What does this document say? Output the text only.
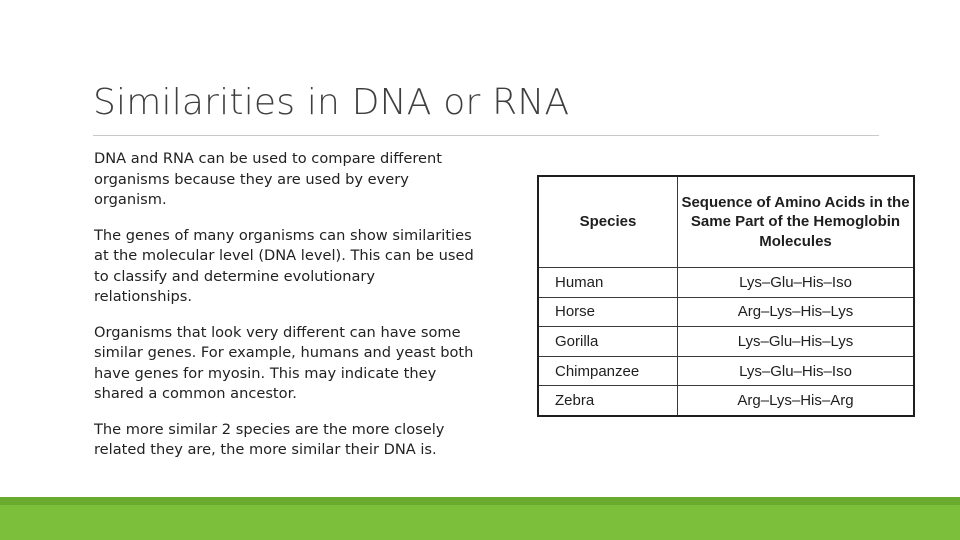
Similarities in DNA or RNA

DNA and RNA can be used to compare different organisms because they are used by every organism.

The genes of many organisms can show similarities at the molecular level (DNA level). This can be used to classify and determine evolutionary relationships.

Organisms that look very different can have some similar genes. For example, humans and yeast both have genes for myosin. This may indicate they shared a common ancestor.

The more similar 2 species are the more closely related they are, the more similar their DNA is.

Species	Sequence of Amino Acids in the Same Part of the Hemoglobin Molecules
Human	Lys–Glu–His–Iso
Horse	Arg–Lys–His–Lys
Gorilla	Lys–Glu–His–Lys
Chimpanzee	Lys–Glu–His–Iso
Zebra	Arg–Lys–His–Arg
